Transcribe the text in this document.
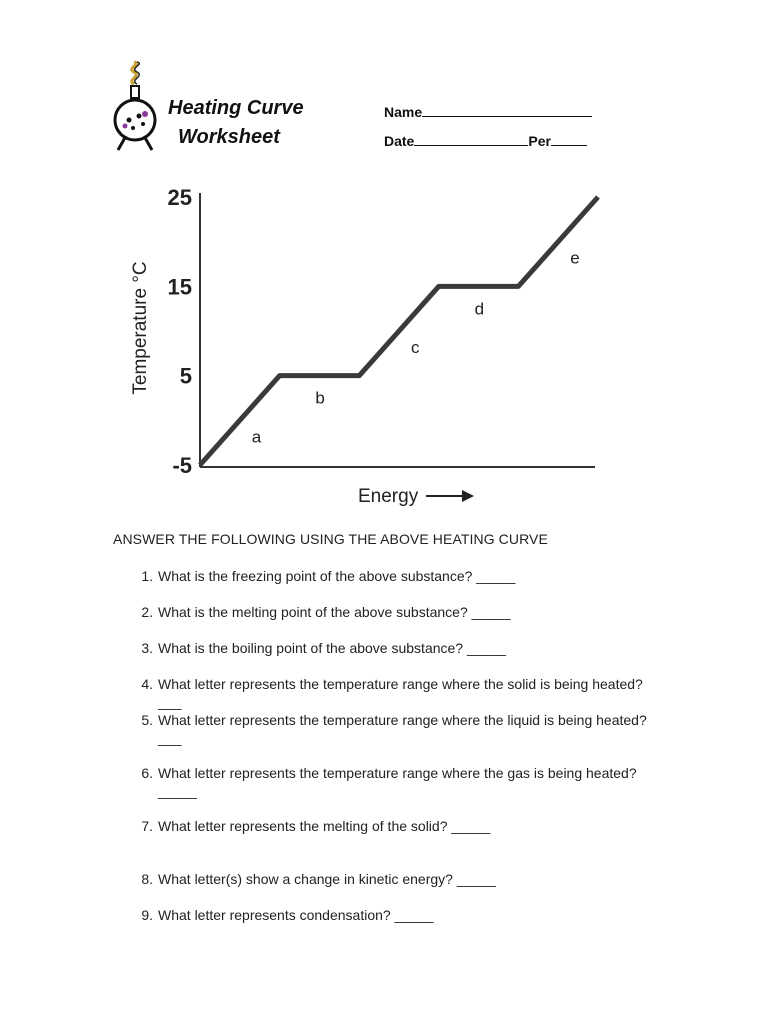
Heating Curve
Worksheet
Name
Date	Per
25
15
5
-5
Temperature °C
Energy
a
b
c
d
e
ANSWER THE FOLLOWING USING THE ABOVE HEATING CURVE
1. What is the freezing point of the above substance? _____
2. What is the melting point of the above substance? _____
3. What is the boiling point of the above substance? _____
4. What letter represents the temperature range where the solid is being heated? ___
5. What letter represents the temperature range where the liquid is being heated? ___
6. What letter represents the temperature range where the gas is being heated?_____
7. What letter represents the melting of the solid? _____
8. What letter(s) show a change in kinetic energy? _____
9. What letter represents condensation? _____
